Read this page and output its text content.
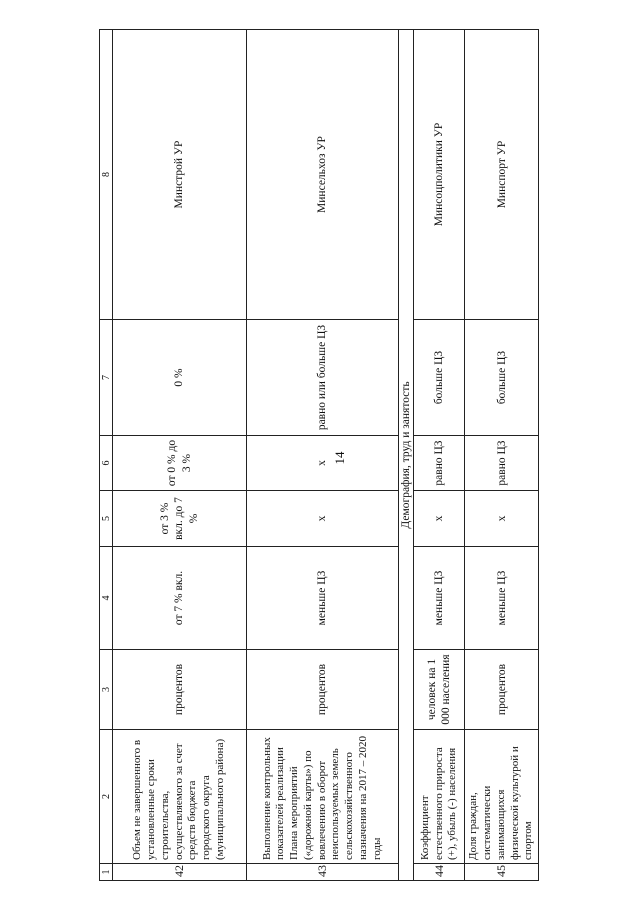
14
1	2	3	4	5	6	7	8
42	Объем не завершенного в установленные сроки строительства, осуществляемого за счет средств бюджета городского округа (муниципального района)	процентов	от 7 % вкл.	от 3 % вкл. до 7 %	от 0 % до 3 %	0 %	Минстрой УР
43	Выполнение контрольных показателей реализации Плана мероприятий («дорожной карты») по вовлечению в оборот неиспользуемых земель сельскохозяйственного назначения на 2017 – 2020 годы	процентов	меньше ЦЗ	х	х	равно или больше ЦЗ	Минсельхоз УР
Демография, труд и занятость							
44	Коэффициент естественного прироста (+), убыль (-) населения	человек на 1 000 населения	меньше ЦЗ	х	равно ЦЗ	больше ЦЗ	Минсоцполитики УР
45	Доля граждан, систематически занимающихся физической культурой и спортом	процентов	меньше ЦЗ	х	равно ЦЗ	больше ЦЗ	Минспорт УР
